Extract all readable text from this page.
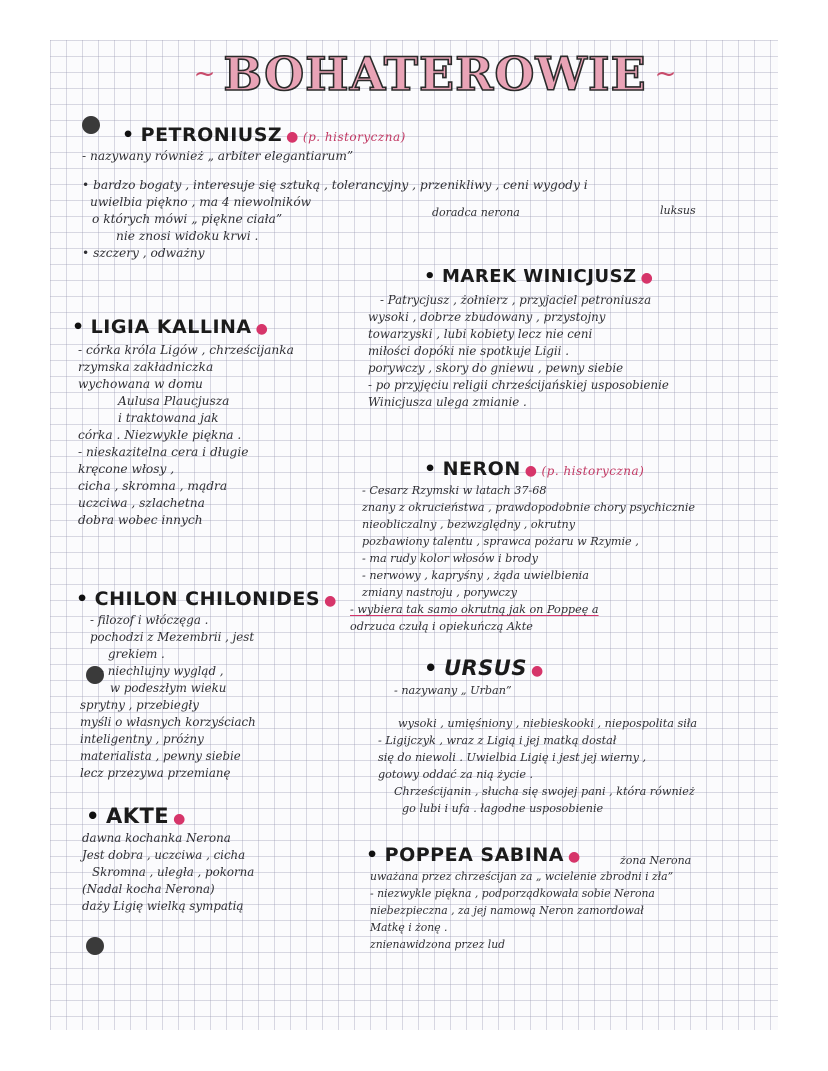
~ BOHATEROWIE ~
• PETRONIUSZ ● (p. historyczna)
- nazywany również „ arbiter elegantiarum”
• bardzo bogaty , interesuje się sztuką , tolerancyjny , przenikliwy , ceni wygody i
uwielbia piękno , ma 4 niewolników
o których mówi „ piękne ciała”
nie znosi widoku krwi .
• szczery , odważny
doradca nerona	luksus
• LIGIA KALLINA ●
- córka króla Ligów , chrześcijanka
rzymska zakładniczka
wychowana w domu
Aulusa Plaucjusza
i traktowana jak
córka . Niezwykle piękna .
- nieskazitelna cera i długie
kręcone włosy ,
cicha , skromna , mądra
uczciwa , szlachetna
dobra wobec innych
• MAREK WINICJUSZ ●
- Patrycjusz , żołnierz , przyjaciel petroniusza
wysoki , dobrze zbudowany , przystojny
towarzyski , lubi kobiety lecz nie ceni
miłości dopóki nie spotkuje Ligii .
porywczy , skory do gniewu , pewny siebie
- po przyjęciu religii chrześcijańskiej usposobienie
Winicjusza ulega zmianie .
• NERON ● (p. historyczna)
- Cesarz Rzymski w latach 37-68
znany z okrucieństwa , prawdopodobnie chory psychicznie
nieobliczalny , bezwzględny , okrutny
pozbawiony talentu , sprawca pożaru w Rzymie ,
- ma rudy kolor włosów i brody
- nerwowy , kapryśny , żąda uwielbienia
zmiany nastroju , porywczy
- wybiera tak samo okrutną jak on Poppeę a
odrzuca czułą i opiekuńczą Akte
• CHILON CHILONIDES ●
- filozof i włóczęga .
pochodzi z Mezembrii , jest
grekiem .
- niechlujny wygląd ,
w podeszłym wieku
sprytny , przebiegły
myśli o własnych korzyściach
inteligentny , próżny
materialista , pewny siebie
lecz przezywa przemianę
• URSUS ●
- nazywany „ Urban”
wysoki , umięśniony , niebieskooki , niepospolita siła
- Ligijczyk , wraz z Ligią i jej matką dostał
się do niewoli . Uwielbia Ligię i jest jej wierny ,
gotowy oddać za nią życie .
Chrześcijanin , słucha się swojej pani , która również
go lubi i ufa . łagodne usposobienie
• AKTE ●
dawna kochanka Nerona
Jest dobra , uczciwa , cicha
Skromna , uległa , pokorna
(Nadal kocha Nerona)
daży Ligię wielką sympatią
• POPPEA SABINA ●	żona Nerona
uważana przez chrześcijan za „ wcielenie zbrodni i zła”
- niezwykle piękna , podporządkowała sobie Nerona
niebezpieczna , za jej namową Neron zamordował
Matkę i żonę .
znienawidzona przez lud
